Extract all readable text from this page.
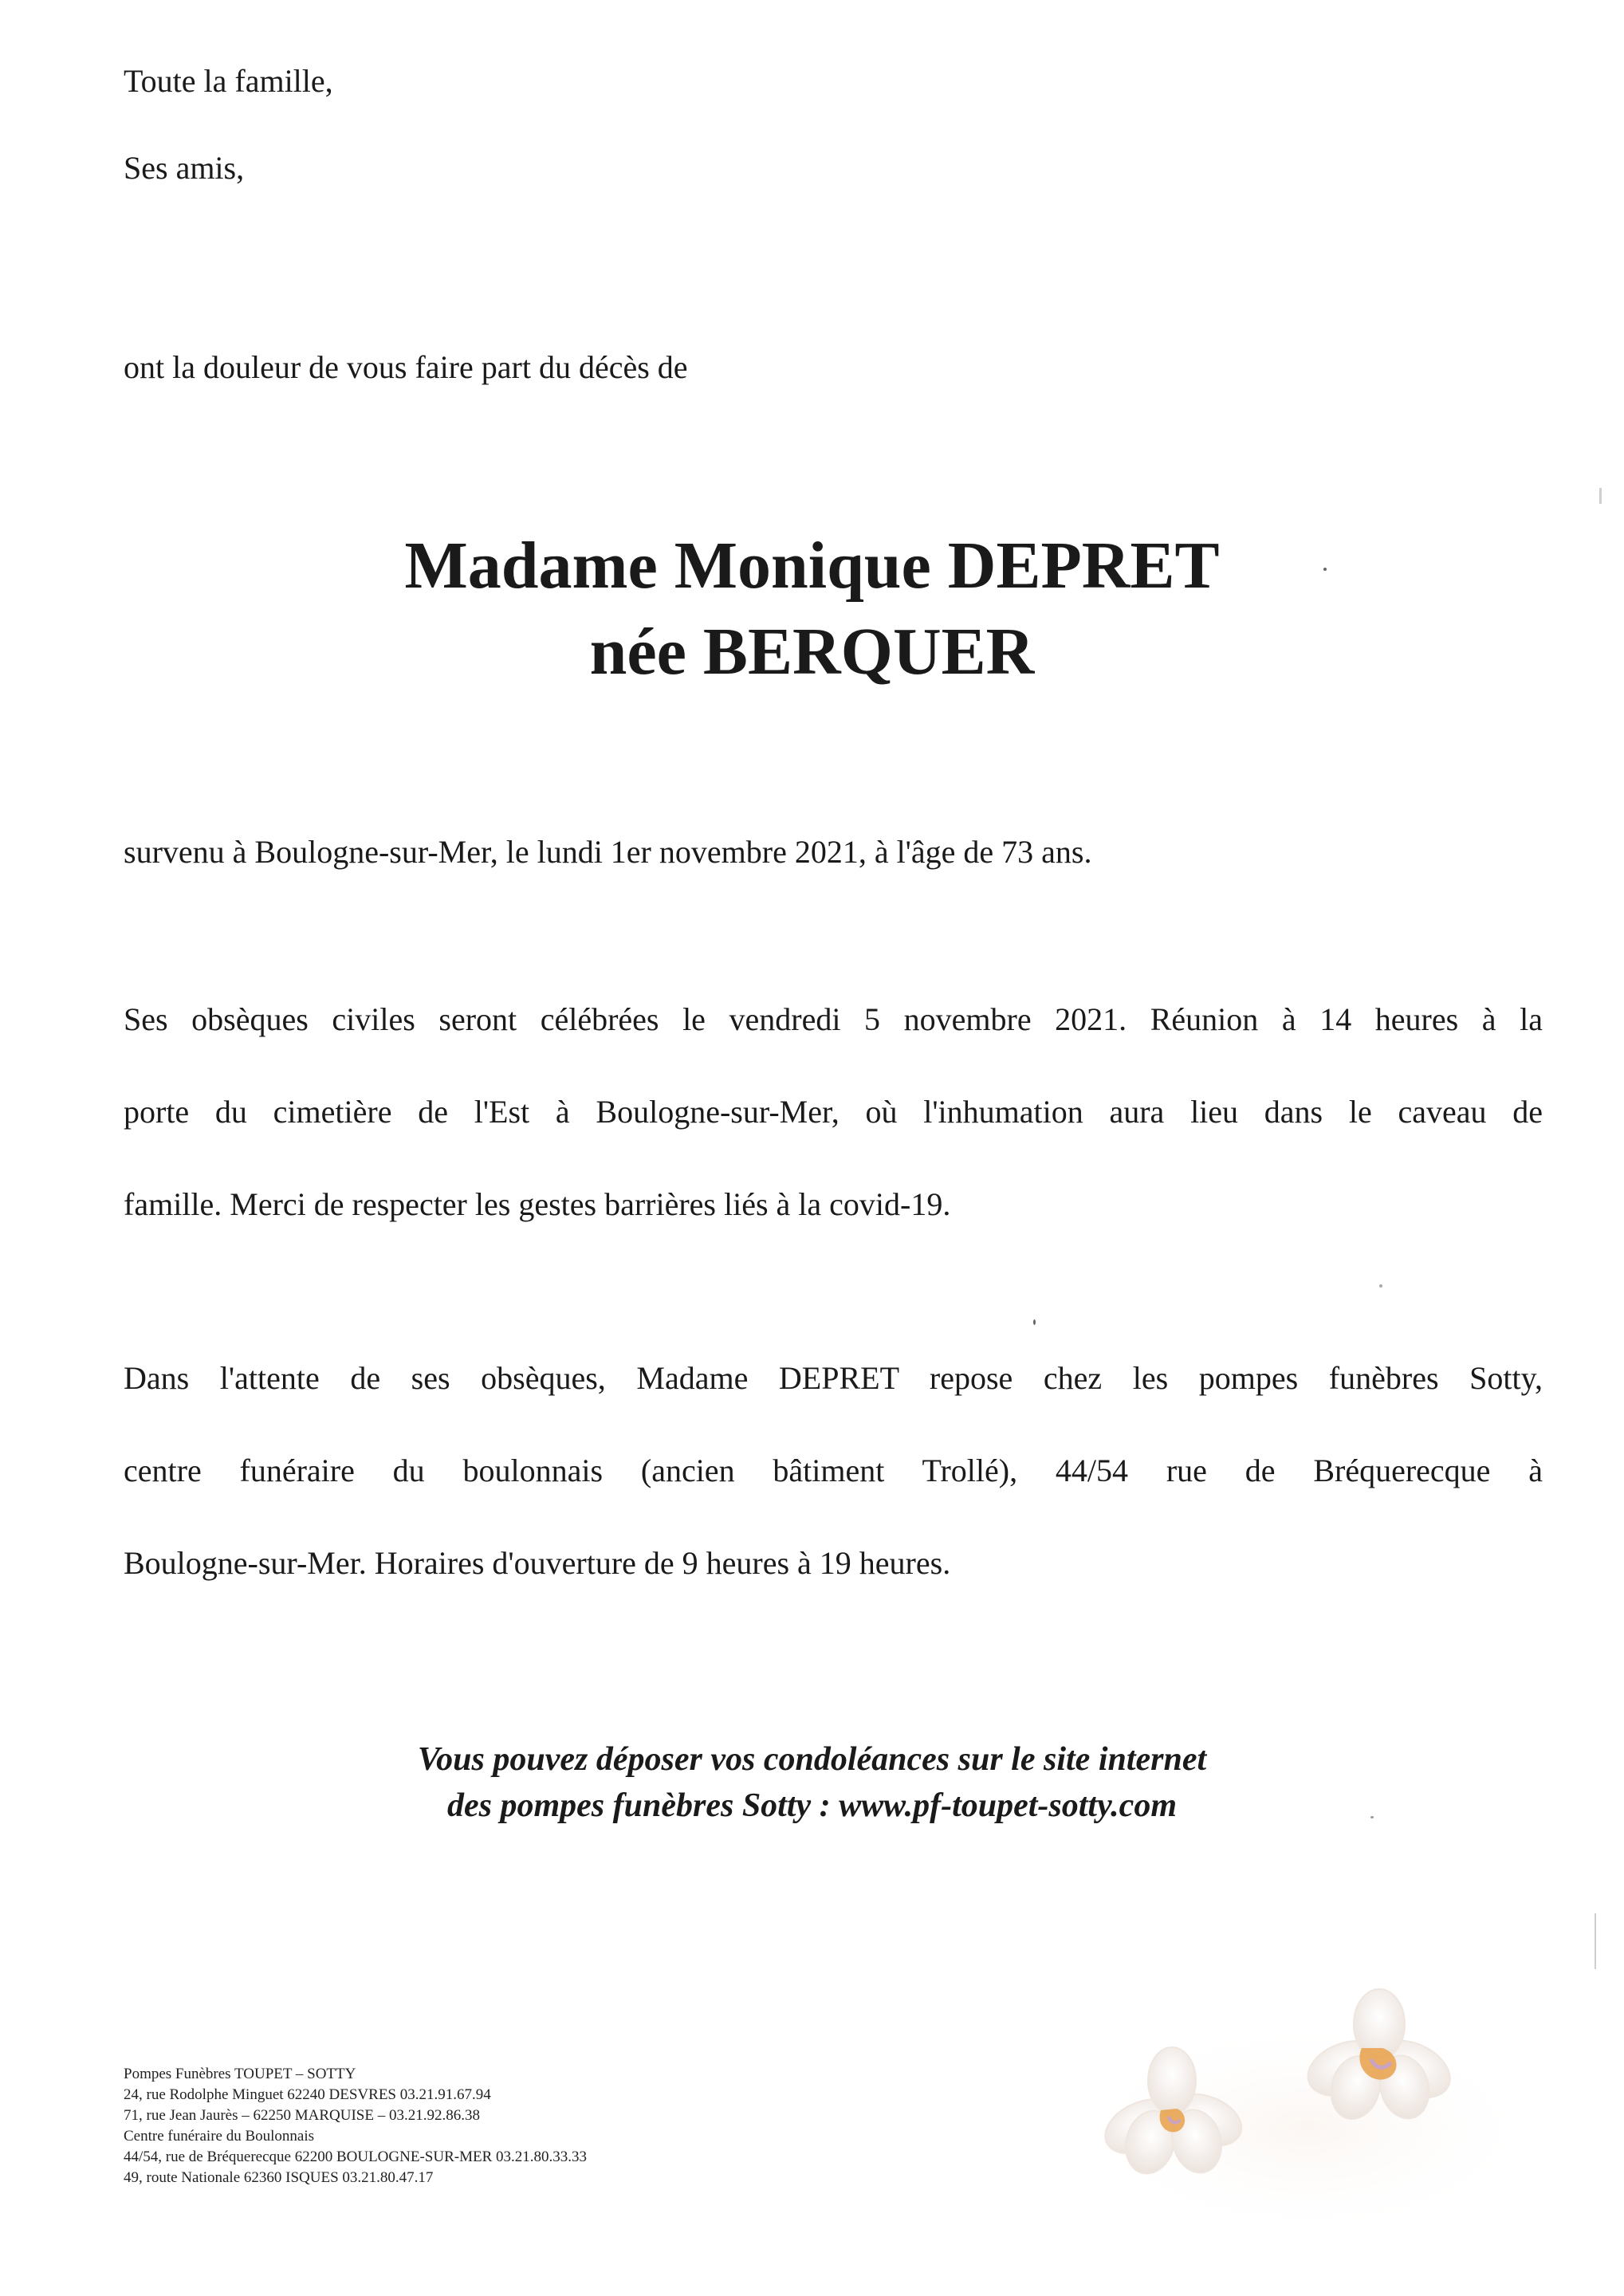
Toute la famille,
Ses amis,
ont la douleur de vous faire part du décès de
Madame Monique DEPRET
née BERQUER
survenu à Boulogne-sur-Mer, le lundi 1er novembre 2021, à l'âge de 73 ans.
Ses obsèques civiles seront célébrées le vendredi 5 novembre 2021. Réunion à 14 heures à la
porte du cimetière de l'Est à Boulogne-sur-Mer, où l'inhumation aura lieu dans le caveau de
famille. Merci de respecter les gestes barrières liés à la covid-19.
Dans l'attente de ses obsèques, Madame DEPRET repose chez les pompes funèbres Sotty,
centre funéraire du boulonnais (ancien bâtiment Trollé), 44/54 rue de Bréquerecque à
Boulogne-sur-Mer. Horaires d'ouverture de 9 heures à 19 heures.
Vous pouvez déposer vos condoléances sur le site internet
des pompes funèbres Sotty : www.pf-toupet-sotty.com
Pompes Funèbres TOUPET – SOTTY
24, rue Rodolphe Minguet 62240 DESVRES 03.21.91.67.94
71, rue Jean Jaurès – 62250 MARQUISE – 03.21.92.86.38
Centre funéraire du Boulonnais
44/54, rue de Bréquerecque 62200 BOULOGNE-SUR-MER 03.21.80.33.33
49, route Nationale 62360 ISQUES 03.21.80.47.17
